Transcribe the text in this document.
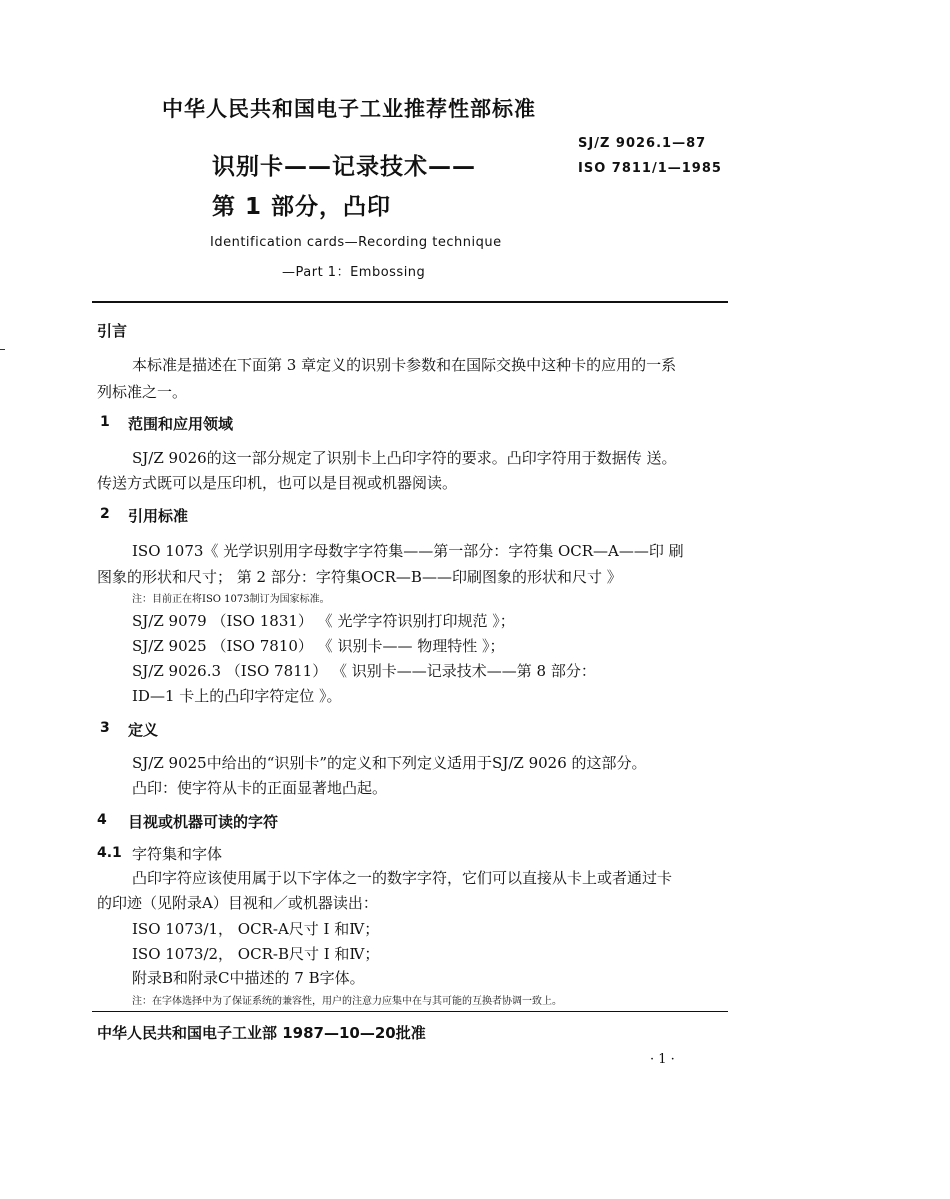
中华人民共和国电子工业推荐性部标准
SJ/Z 9026.1—87
ISO 7811/1—1985
识别卡——记录技术——
第 1 部分，凸印
Identification cards—Recording technique
—Part 1：Embossing
引言
本标准是描述在下面第 3 章定义的识别卡参数和在国际交换中这种卡的应用的一系
列标准之一。
1 范围和应用领域
SJ/Z 9026的这一部分规定了识别卡上凸印字符的要求。凸印字符用于数据传 送。
传送方式既可以是压印机，也可以是目视或机器阅读。
2 引用标准
ISO 1073《 光学识别用字母数字字符集——第一部分：字符集 OCR—A——印 刷
图象的形状和尺寸； 第 2 部分：字符集OCR—B——印刷图象的形状和尺寸 》
注：目前正在将ISO 1073制订为国家标准。
SJ/Z 9079 （ISO 1831） 《 光学字符识别打印规范 》；
SJ/Z 9025 （ISO 7810） 《 识别卡—— 物理特性 》；
SJ/Z 9026.3 （ISO 7811） 《 识别卡——记录技术——第 8 部分：
ID—1 卡上的凸印字符定位 》。
3 定义
SJ/Z 9025中给出的“识别卡”的定义和下列定义适用于SJ/Z 9026 的这部分。
凸印：使字符从卡的正面显著地凸起。
4 目视或机器可读的字符
4.1 字符集和字体
凸印字符应该使用属于以下字体之一的数字字符，它们可以直接从卡上或者通过卡
的印迹（见附录A）目视和／或机器读出：
ISO 1073/1， OCR-A尺寸 I 和Ⅳ；
ISO 1073/2， OCR-B尺寸 I 和Ⅳ；
附录B和附录C中描述的 7 B字体。
注：在字体选择中为了保证系统的兼容性，用户的注意力应集中在与其可能的互换者协调一致上。
中华人民共和国电子工业部 1987—10—20批准
· 1 ·
